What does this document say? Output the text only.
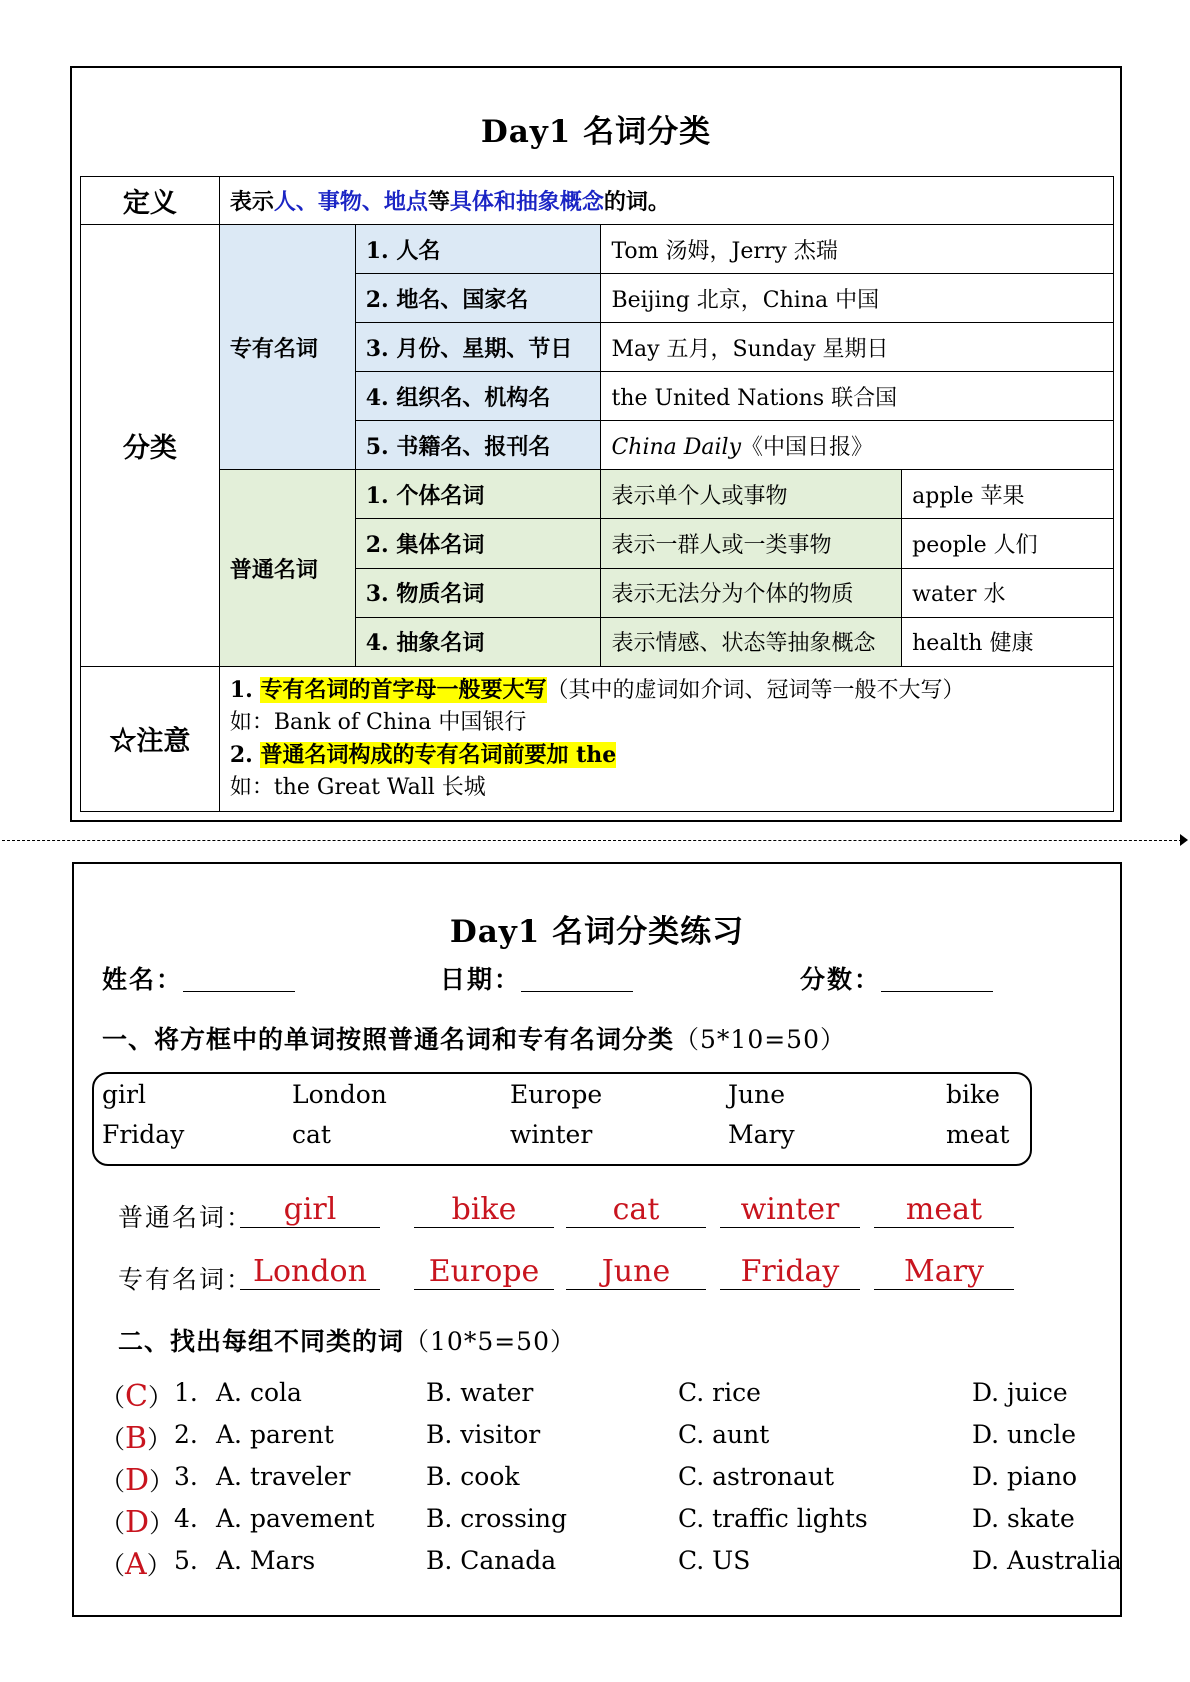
Day1 名词分类
定义	表示人、事物、地点等具体和抽象概念的词。			
分类	专有名词	1. 人名	Tom 汤姆，Jerry 杰瑞	
		2. 地名、国家名	Beijing 北京，China 中国	
		3. 月份、星期、节日	May 五月，Sunday 星期日	
		4. 组织名、机构名	the United Nations 联合国	
		5. 书籍名、报刊名	China Daily《中国日报》	
	普通名词	1. 个体名词	表示单个人或事物	apple 苹果
		2. 集体名词	表示一群人或一类事物	people 人们
		3. 物质名词	表示无法分为个体的物质	water 水
		4. 抽象名词	表示情感、状态等抽象概念	health 健康
☆注意	1. 专有名词的首字母一般要大写（其中的虚词如介词、冠词等一般不大写）
如：Bank of China 中国银行
2. 普通名词构成的专有名词前要加 the
如：the Great Wall 长城			
Day1 名词分类练习
姓名：	日期：	分数：
一、将方框中的单词按照普通名词和专有名词分类（5*10=50）
girl	London	Europe	June	bike
Friday	cat	winter	Mary	meat
普通名词：	girl	bike	cat	winter	meat
专有名词： London	Europe	June	Friday	Mary
二、找出每组不同类的词（10*5=50）
（C） 1. A. cola	B. water	C. rice	D. juice
（B） 2. A. parent	B. visitor	C. aunt	D. uncle
（D） 3. A. traveler	B. cook	C. astronaut	D. piano
（D） 4. A. pavement B. crossing	C. traffic lights	D. skate
（A） 5. A. Mars	B. Canada	C. US	D. Australia
